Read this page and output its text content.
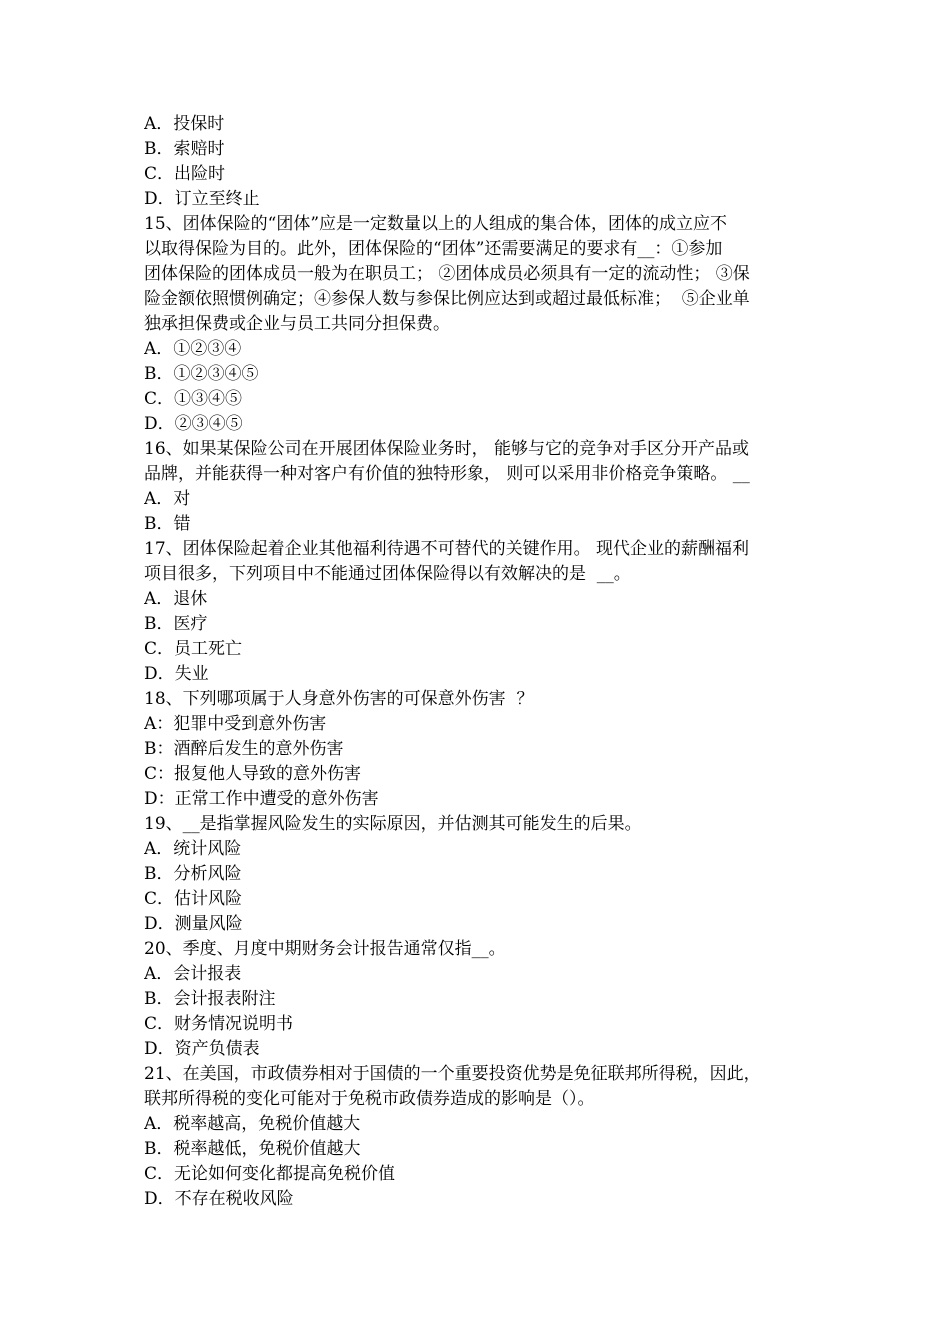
A．投保时
B．索赔时
C．出险时
D．订立至终止
15、团体保险的“团体”应是一定数量以上的人组成的集合体，团体的成立应不
以取得保险为目的。此外，团体保险的“团体”还需要满足的要求有__：①参加
团体保险的团体成员一般为在职员工； ②团体成员必须具有一定的流动性； ③保
险金额依照惯例确定；④参保人数与参保比例应达到或超过最低标准；  ⑤企业单
独承担保费或企业与员工共同分担保费。
A．①②③④
B．①②③④⑤
C．①③④⑤
D．②③④⑤
16、如果某保险公司在开展团体保险业务时， 能够与它的竞争对手区分开产品或
品牌，并能获得一种对客户有价值的独特形象， 则可以采用非价格竞争策略。 __
A．对
B．错
17、团体保险起着企业其他福利待遇不可替代的关键作用。 现代企业的薪酬福利
项目很多，下列项目中不能通过团体保险得以有效解决的是  __。
A．退休
B．医疗
C．员工死亡
D．失业
18、下列哪项属于人身意外伤害的可保意外伤害  ？
A：犯罪中受到意外伤害
B：酒醉后发生的意外伤害
C：报复他人导致的意外伤害
D：正常工作中遭受的意外伤害
19、__是指掌握风险发生的实际原因，并估测其可能发生的后果。
A．统计风险
B．分析风险
C．估计风险
D．测量风险
20、季度、月度中期财务会计报告通常仅指__。
A．会计报表
B．会计报表附注
C．财务情况说明书
D．资产负债表
21、在美国，市政债券相对于国债的一个重要投资优势是免征联邦所得税，因此，
联邦所得税的变化可能对于免税市政债券造成的影响是（）。
A．税率越高，免税价值越大
B．税率越低，免税价值越大
C．无论如何变化都提高免税价值
D．不存在税收风险
